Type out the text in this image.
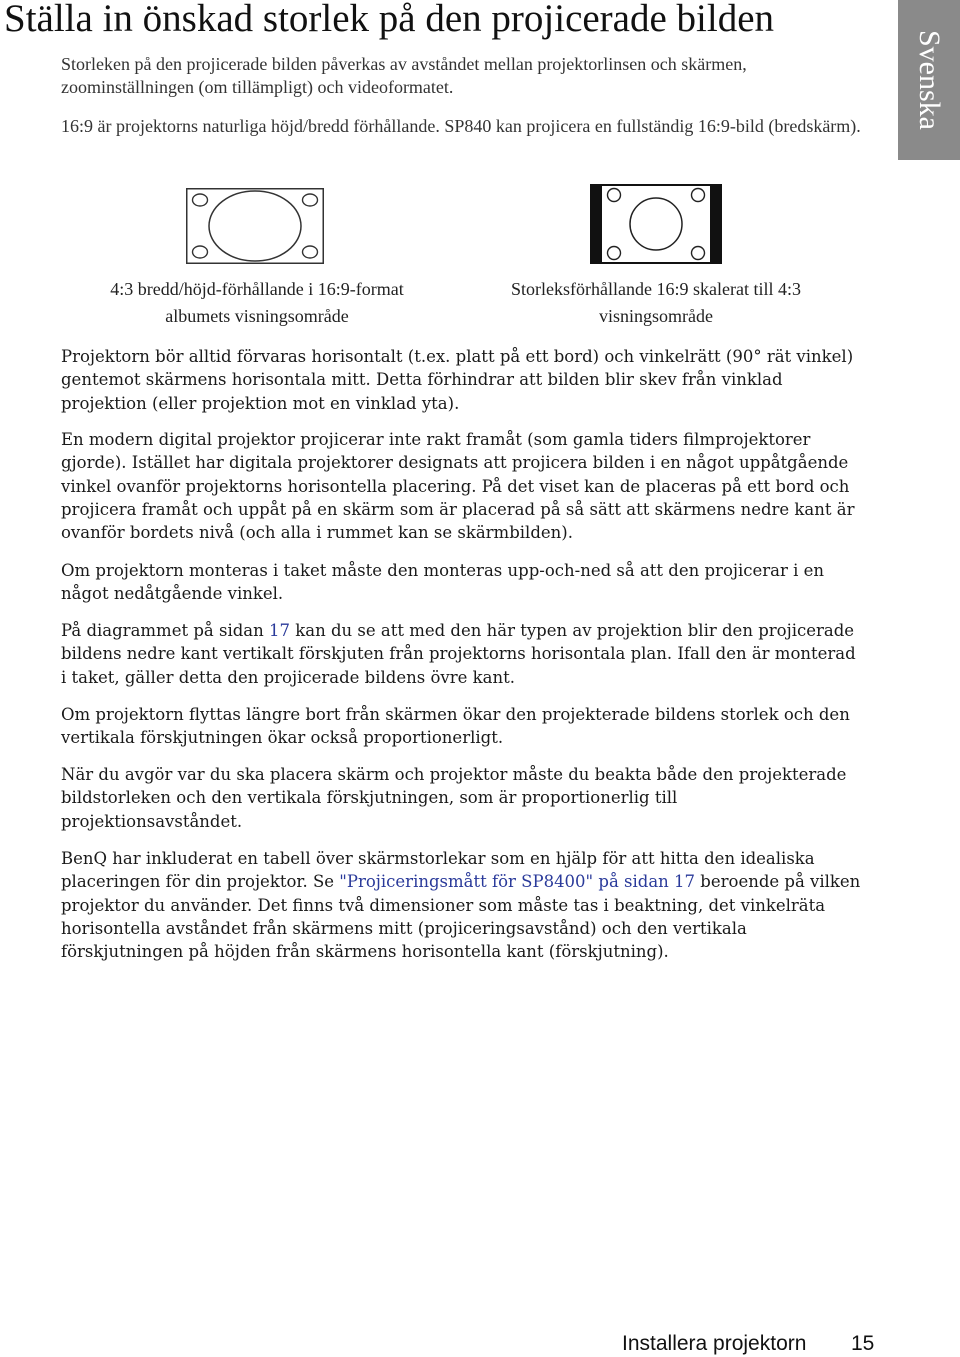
Ställa in önskad storlek på den projicerade bilden
Svenska

Storleken på den projicerade bilden påverkas av avståndet mellan projektorlinsen och skärmen, zoominställningen (om tillämpligt) och videoformatet.

16:9 är projektorns naturliga höjd/bredd förhållande. SP840 kan projicera en fullständig 16:9-bild (bredskärm).

4:3 bredd/höjd-förhållande i 16:9-format
albumets visningsområde

Storleksförhållande 16:9 skalerat till 4:3
visningsområde

Projektorn bör alltid förvaras horisontalt (t.ex. platt på ett bord) och vinkelrätt (90° rät vinkel) gentemot skärmens horisontala mitt. Detta förhindrar att bilden blir skev från vinklad projektion (eller projektion mot en vinklad yta).

En modern digital projektor projicerar inte rakt framåt (som gamla tiders filmprojektorer gjorde). Istället har digitala projektorer designats att projicera bilden i en något uppåtgående vinkel ovanför projektorns horisontella placering. På det viset kan de placeras på ett bord och projicera framåt och uppåt på en skärm som är placerad på så sätt att skärmens nedre kant är ovanför bordets nivå (och alla i rummet kan se skärmbilden).

Om projektorn monteras i taket måste den monteras upp-och-ned så att den projicerar i en något nedåtgående vinkel.

På diagrammet på sidan 17 kan du se att med den här typen av projektion blir den projicerade bildens nedre kant vertikalt förskjuten från projektorns horisontala plan. Ifall den är monterad i taket, gäller detta den projicerade bildens övre kant.

Om projektorn flyttas längre bort från skärmen ökar den projekterade bildens storlek och den vertikala förskjutningen ökar också proportionerligt.

När du avgör var du ska placera skärm och projektor måste du beakta både den projekterade bildstorleken och den vertikala förskjutningen, som är proportionerlig till projektionsavståndet.

BenQ har inkluderat en tabell över skärmstorlekar som en hjälp för att hitta den idealiska placeringen för din projektor. Se "Projiceringsmått för SP8400" på sidan 17 beroende på vilken projektor du använder. Det finns två dimensioner som måste tas i beaktning, det vinkelräta horisontella avståndet från skärmens mitt (projiceringsavstånd) och den vertikala förskjutningen på höjden från skärmens horisontella kant (förskjutning).

Installera projektorn 15
